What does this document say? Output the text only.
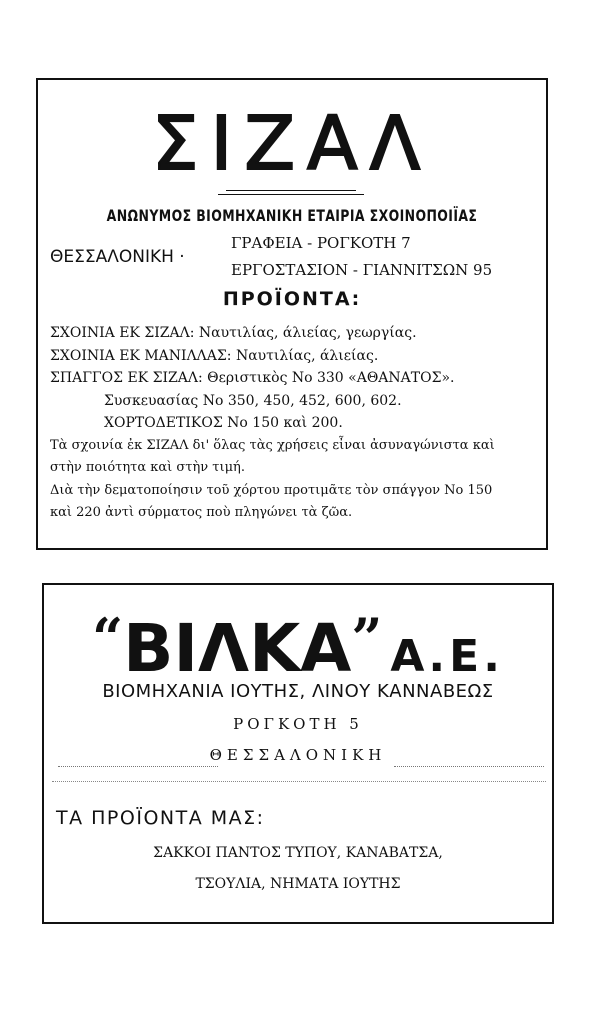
ΣΙΖΑΛ
ΑΝΩΝΥΜΟΣ ΒΙΟΜΗΧΑΝΙΚΗ ΕΤΑΙΡΙΑ ΣΧΟΙΝΟΠΟΙΪΑΣ
ΘΕΣΣΑΛΟΝΙΚΗ ·
ΓΡΑΦΕΙΑ - ΡΟΓΚΟΤΗ 7
ΕΡΓΟΣΤΑΣΙΟΝ - ΓΙΑΝΝΙΤΣΩΝ 95
ΠΡΟΪΟΝΤΑ:
ΣΧΟΙΝΙΑ ΕΚ ΣΙΖΑΛ: Ναυτιλίας, άλιείας, γεωργίας.
ΣΧΟΙΝΙΑ ΕΚ ΜΑΝΙΛΛΑΣ: Ναυτιλίας, άλιείας.
ΣΠΑΓΓΟΣ ΕΚ ΣΙΖΑΛ: Θεριστικὸς Νο 330 «ΑΘΑΝΑΤΟΣ».
Συσκευασίας Νο 350, 450, 452, 600, 602.
ΧΟΡΤΟΔΕΤΙΚΟΣ Νο 150 καὶ 200.
Τὰ σχοινία ἐκ ΣΙΖΑΛ δι' ὅλας τὰς χρήσεις εἶναι ἀσυναγώνιστα καὶ
στὴν ποιότητα καὶ στὴν τιμή.
Διὰ τὴν δεματοποίησιν τοῦ χόρτου προτιμᾶτε τὸν σπάγγον Νο 150
καὶ 220 ἀντὶ σύρματος ποὺ πληγώνει τὰ ζῶα.
“ΒΙΛΚΑ” Α.Ε.
ΒΙΟΜΗΧΑΝΙΑ ΙΟΥΤΗΣ, ΛΙΝΟΥ ΚΑΝΝΑΒΕΩΣ
ΡΟΓΚΟΤΗ 5
ΘΕΣΣΑΛΟΝΙΚΗ
ΤΑ ΠΡΟΪΟΝΤΑ ΜΑΣ:
ΣΑΚΚΟΙ ΠΑΝΤΟΣ ΤΥΠΟΥ, ΚΑΝΑΒΑΤΣΑ,
ΤΣΟΥΛΙΑ, ΝΗΜΑΤΑ ΙΟΥΤΗΣ
